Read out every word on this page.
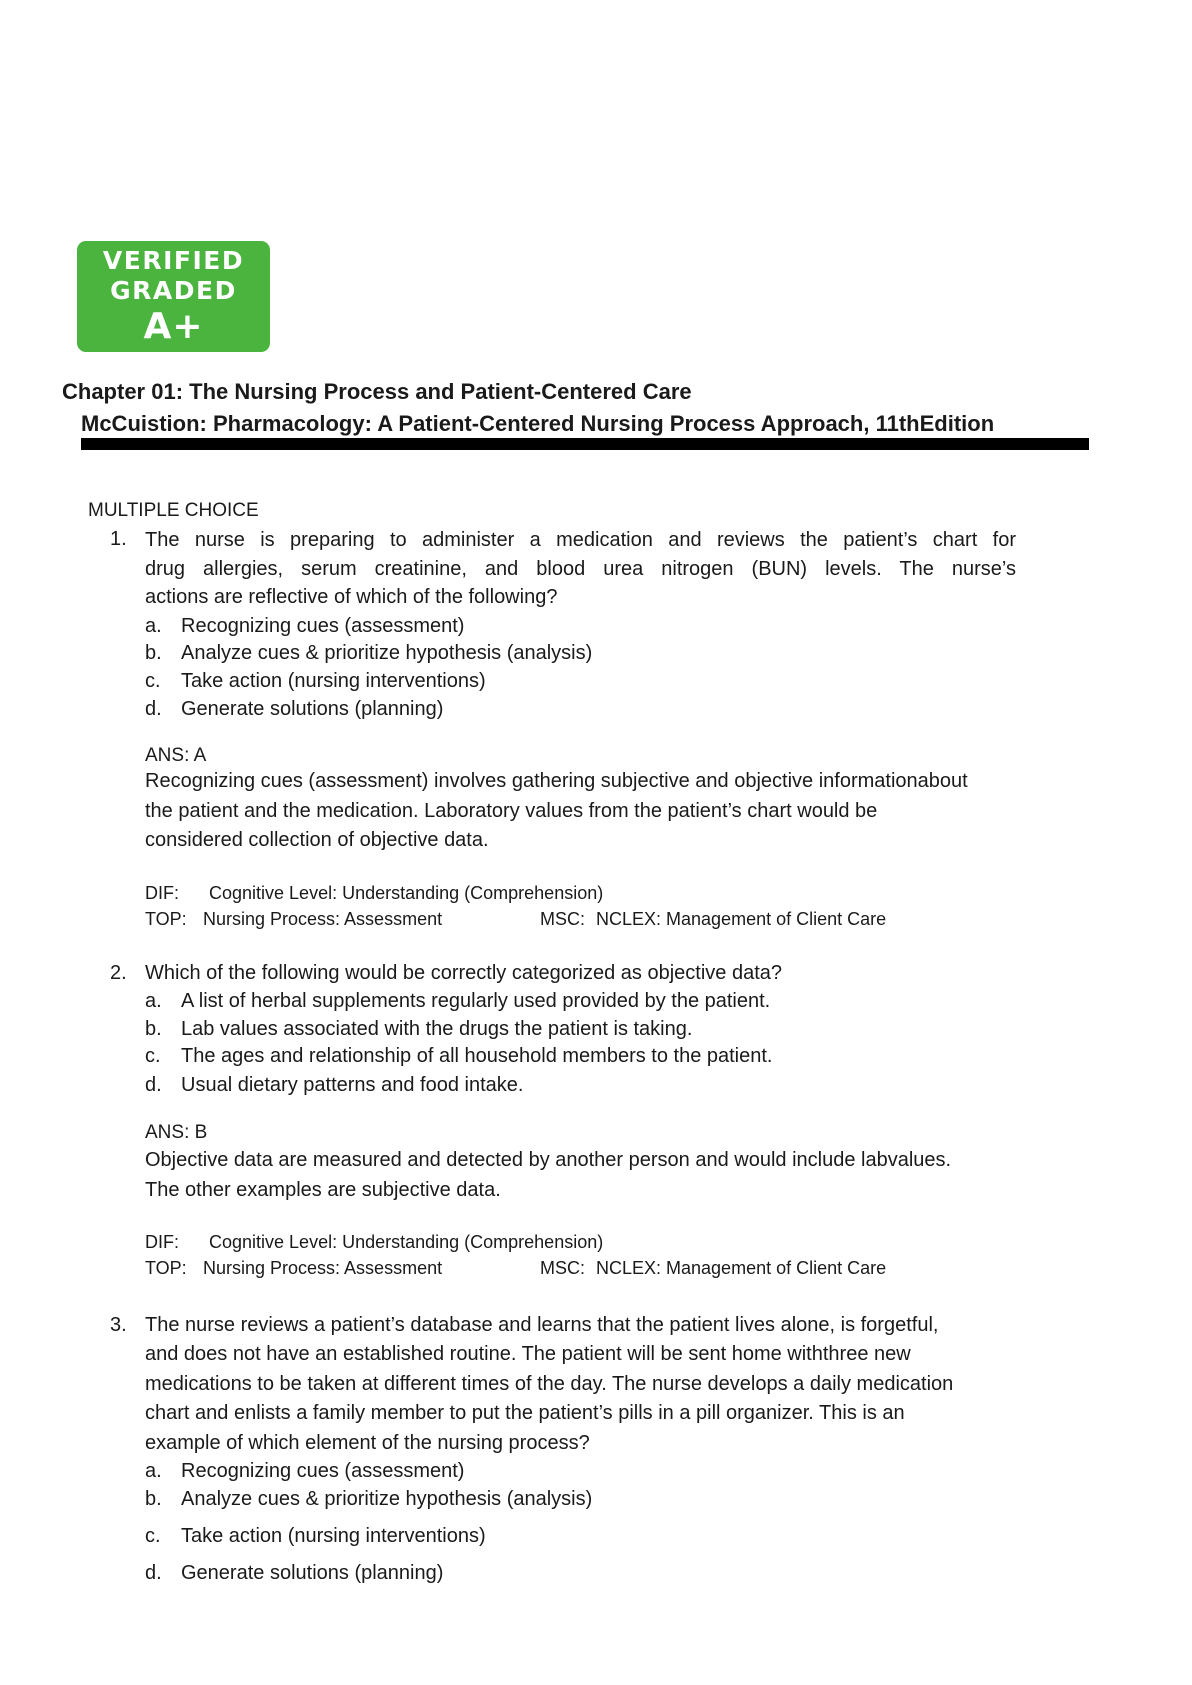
VERIFIED
GRADED
A+
Chapter 01: The Nursing Process and Patient-Centered Care
McCuistion: Pharmacology: A Patient-Centered Nursing Process Approach, 11thEdition
MULTIPLE CHOICE
1. The nurse is preparing to administer a medication and reviews the patient’s chart for
drug allergies, serum creatinine, and blood urea nitrogen (BUN) levels. The nurse’s
actions are reflective of which of the following?
a. Recognizing cues (assessment)
b. Analyze cues & prioritize hypothesis (analysis)
c. Take action (nursing interventions)
d. Generate solutions (planning)
ANS: A
Recognizing cues (assessment) involves gathering subjective and objective informationabout
the patient and the medication. Laboratory values from the patient’s chart would be
considered collection of objective data.
DIF: Cognitive Level: Understanding (Comprehension)
TOP: Nursing Process: Assessment	MSC: NCLEX: Management of Client Care
2. Which of the following would be correctly categorized as objective data?
a. A list of herbal supplements regularly used provided by the patient.
b. Lab values associated with the drugs the patient is taking.
c. The ages and relationship of all household members to the patient.
d. Usual dietary patterns and food intake.
ANS: B
Objective data are measured and detected by another person and would include labvalues.
The other examples are subjective data.
DIF: Cognitive Level: Understanding (Comprehension)
TOP: Nursing Process: Assessment	MSC: NCLEX: Management of Client Care
3. The nurse reviews a patient’s database and learns that the patient lives alone, is forgetful,
and does not have an established routine. The patient will be sent home withthree new
medications to be taken at different times of the day. The nurse develops a daily medication
chart and enlists a family member to put the patient’s pills in a pill organizer. This is an
example of which element of the nursing process?
a. Recognizing cues (assessment)
b. Analyze cues & prioritize hypothesis (analysis)
c. Take action (nursing interventions)
d. Generate solutions (planning)
